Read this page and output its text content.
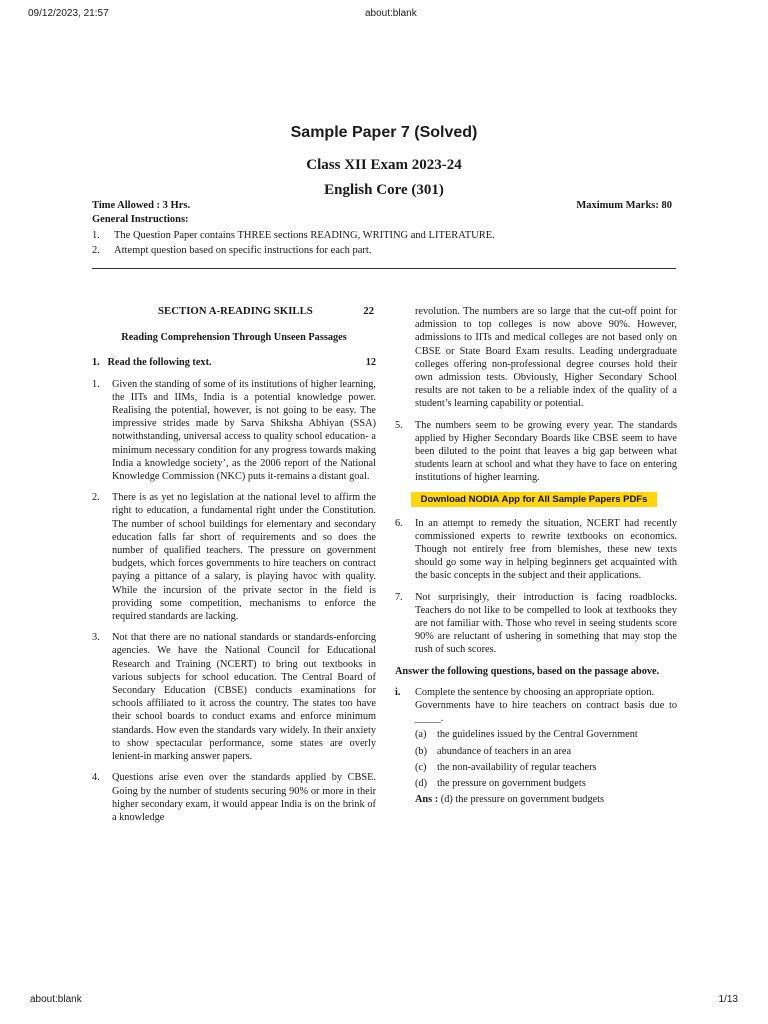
09/12/2023, 21:57	about:blank
Sample Paper 7 (Solved)
Class XII Exam 2023-24
English Core (301)
Time Allowed : 3 Hrs.	Maximum Marks: 80
General Instructions:
1. The Question Paper contains THREE sections READING, WRITING and LITERATURE.
2. Attempt question based on specific instructions for each part.
SECTION A-READING SKILLS	22
Reading Comprehension Through Unseen Passages
1. Read the following text.	12
1.	Given the standing of some of its institutions of higher learning, the IITs and IIMs, India is a potential knowledge power. Realising the potential, however, is not going to be easy. The impressive strides made by Sarva Shiksha Abhiyan (SSA) notwithstanding, universal access to quality school education- a minimum necessary condition for any progress towards making India a knowledge society’, as the 2006 report of the National Knowledge Commission (NKC) puts it-remains a distant goal.
2.	There is as yet no legislation at the national level to affirm the right to education, a fundamental right under the Constitution. The number of school buildings for elementary and secondary education falls far short of requirements and so does the number of qualified teachers. The pressure on government budgets, which forces governments to hire teachers on contract paying a pittance of a salary, is playing havoc with quality. While the incursion of the private sector in the field is providing some competition, mechanisms to enforce the required standards are lacking.
3.	Not that there are no national standards or standards-enforcing agencies. We have the National Council for Educational Research and Training (NCERT) to bring out textbooks in various subjects for school education. The Central Board of Secondary Education (CBSE) conducts examinations for schools affiliated to it across the country. The states too have their school boards to conduct exams and enforce minimum standards. How even the standards vary widely. In their anxiety to show spectacular performance, some states are overly lenient-in marking answer papers.
4.	Questions arise even over the standards applied by CBSE. Going by the number of students securing 90% or more in their higher secondary exam, it would appear India is on the brink of a knowledge
revolution. The numbers are so large that the cut-off point for admission to top colleges is now above 90%. However, admissions to IITs and medical colleges are not based only on CBSE or State Board Exam results. Leading undergraduate colleges offering non-professional degree courses hold their own admission tests. Obviously, Higher Secondary School results are not taken to be a reliable index of the quality of a student’s learning capability or potential.
5.	The numbers seem to be growing every year. The standards applied by Higher Secondary Boards like CBSE seem to have been diluted to the point that leaves a big gap between what students learn at school and what they have to face on entering institutions of higher learning.
Download NODIA App for All Sample Papers PDFs
6.	In an attempt to remedy the situation, NCERT had recently commissioned experts to rewrite textbooks on economics. Though not entirely free from blemishes, these new texts should go some way in helping beginners get acquainted with the basic concepts in the subject and their applications.
7.	Not surprisingly, their introduction is facing roadblocks. Teachers do not like to be compelled to look at textbooks they are not familiar with. Those who revel in seeing students score 90% are reluctant of ushering in something that may stop the rush of such scores.
Answer the following questions, based on the passage above.
i.	Complete the sentence by choosing an appropriate option.
Governments have to hire teachers on contract basis due to _____.
(a)	the guidelines issued by the Central Government
(b) abundance of teachers in an area
(c)	the non-availability of regular teachers
(d) the pressure on government budgets
Ans :
(d) the pressure on government budgets
about:blank	1/13
